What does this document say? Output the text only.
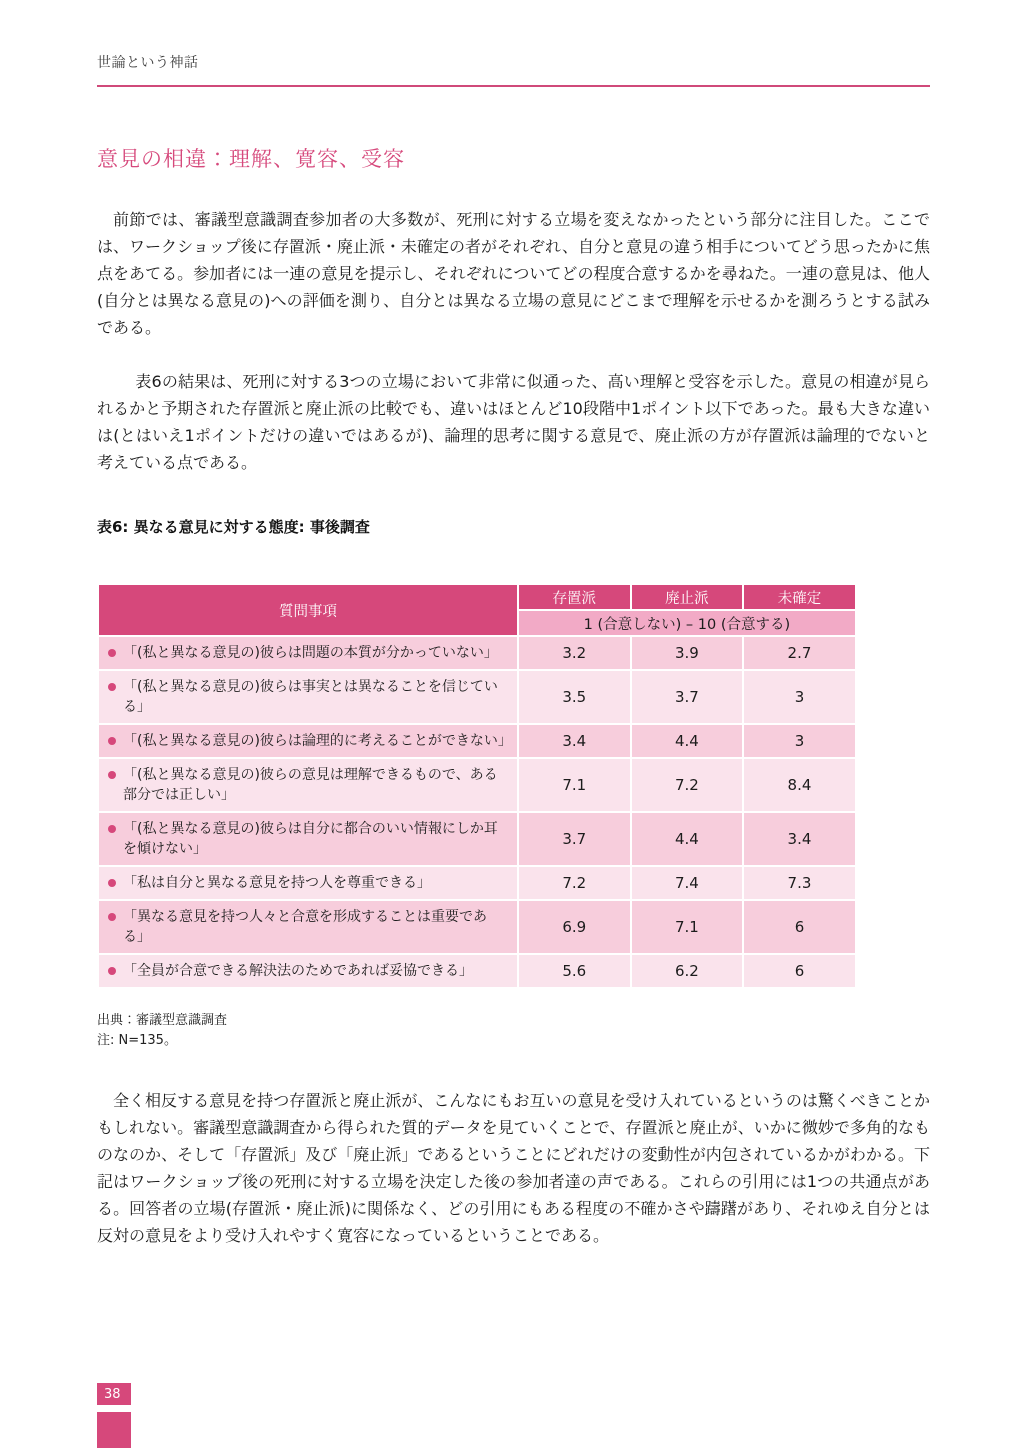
世論という神話
意見の相違：理解、寛容、受容

前節では、審議型意識調査参加者の大多数が、死刑に対する立場を変えなかったという部分に注目した。ここでは、ワークショップ後に存置派・廃止派・未確定の者がそれぞれ、自分と意見の違う相手についてどう思ったかに焦点をあてる。参加者には一連の意見を提示し、それぞれについてどの程度合意するかを尋ねた。一連の意見は、他人(自分とは異なる意見の)への評価を測り、自分とは異なる立場の意見にどこまで理解を示せるかを測ろうとする試みである。

表6の結果は、死刑に対する3つの立場において非常に似通った、高い理解と受容を示した。意見の相違が見られるかと予期された存置派と廃止派の比較でも、違いはほとんど10段階中1ポイント以下であった。最も大きな違いは(とはいえ1ポイントだけの違いではあるが)、論理的思考に関する意見で、廃止派の方が存置派は論理的でないと考えている点である。

表6: 異なる意見に対する態度: 事後調査

質問事項	存置派	廃止派	未確定
	1 (合意しない) – 10 (合意する)		

「(私と異なる意見の)彼らは問題の本質が分かっていない」	3.2	3.9	2.7

「(私と異なる意見の)彼らは事実とは異なることを信じている」	3.5	3.7	3

「(私と異なる意見の)彼らは論理的に考えることができない」	3.4	4.4	3

「(私と異なる意見の)彼らの意見は理解できるもので、ある部分では正しい」	7.1	7.2	8.4

「(私と異なる意見の)彼らは自分に都合のいい情報にしか耳を傾けない」	3.7	4.4	3.4

「私は自分と異なる意見を持つ人を尊重できる」	7.2	7.4	7.3

「異なる意見を持つ人々と合意を形成することは重要である」	6.9	7.1	6

「全員が合意できる解決法のためであれば妥協できる」	5.6	6.2	6

出典：審議型意識調査

注: N=135。

全く相反する意見を持つ存置派と廃止派が、こんなにもお互いの意見を受け入れているというのは驚くべきことかもしれない。審議型意識調査から得られた質的データを見ていくことで、存置派と廃止が、いかに微妙で多角的なものなのか、そして「存置派」及び「廃止派」であるということにどれだけの変動性が内包されているかがわかる。下記はワークショップ後の死刑に対する立場を決定した後の参加者達の声である。これらの引用には1つの共通点がある。回答者の立場(存置派・廃止派)に関係なく、どの引用にもある程度の不確かさや躊躇があり、それゆえ自分とは反対の意見をより受け入れやすく寛容になっているということである。

38
